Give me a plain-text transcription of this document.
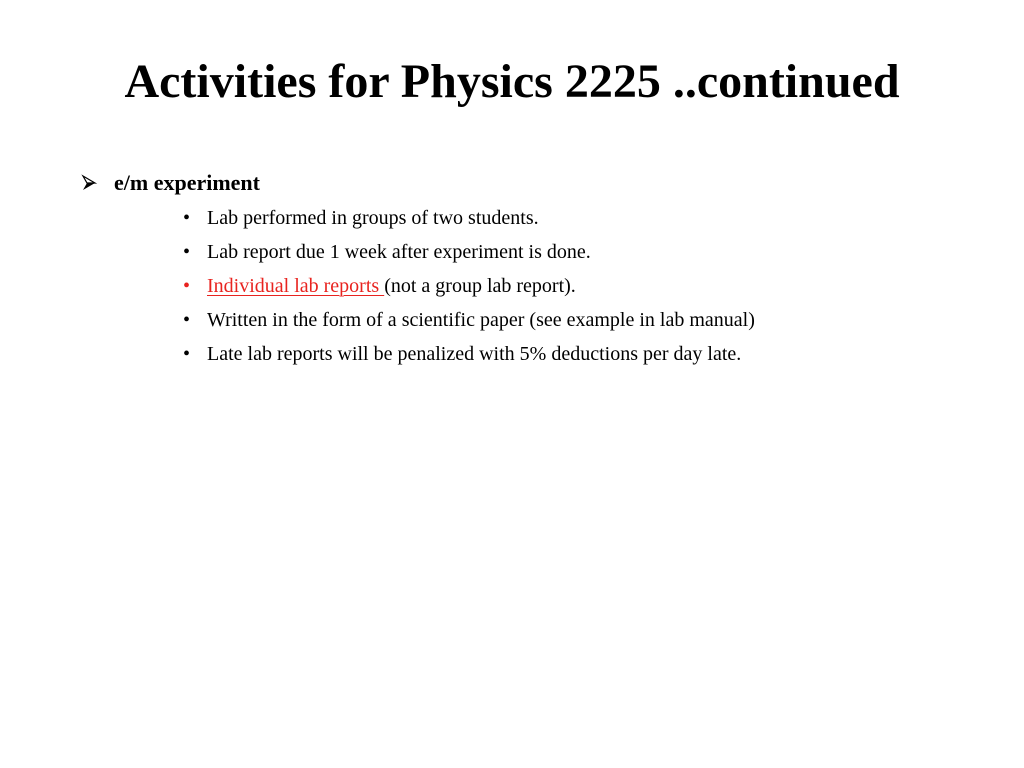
Activities for Physics 2225 ..continued
e/m experiment
• Lab performed in groups of two students.
• Lab report due 1 week after experiment is done.
• Individual lab reports (not a group lab report).
• Written in the form of a scientific paper (see example in lab manual)
• Late lab reports will be penalized with 5% deductions per day late.
